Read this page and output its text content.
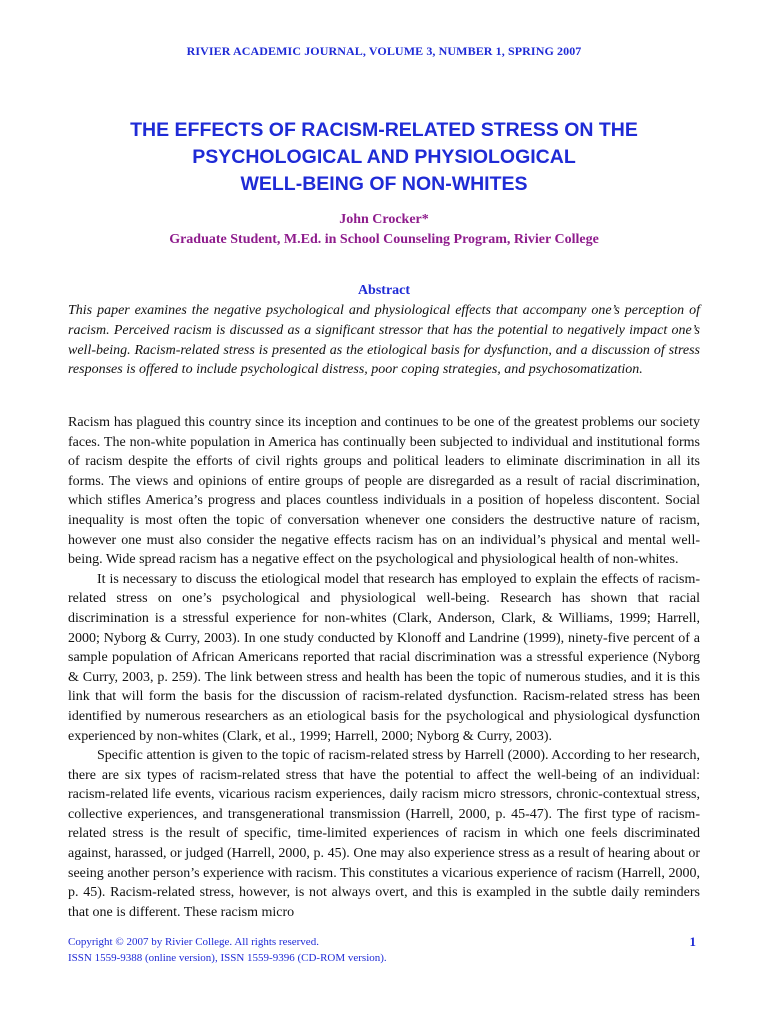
RIVIER ACADEMIC JOURNAL, VOLUME 3, NUMBER 1, SPRING 2007
THE EFFECTS OF RACISM-RELATED STRESS ON THE
PSYCHOLOGICAL AND PHYSIOLOGICAL
WELL-BEING OF NON-WHITES
John Crocker*
Graduate Student, M.Ed. in School Counseling Program, Rivier College
Abstract

This paper examines the negative psychological and physiological effects that accompany one’s perception of racism. Perceived racism is discussed as a significant stressor that has the potential to negatively impact one’s well-being. Racism-related stress is presented as the etiological basis for dysfunction, and a discussion of stress responses is offered to include psychological distress, poor coping strategies, and psychosomatization.

Racism has plagued this country since its inception and continues to be one of the greatest problems our society faces. The non-white population in America has continually been subjected to individual and institutional forms of racism despite the efforts of civil rights groups and political leaders to eliminate discrimination in all its forms. The views and opinions of entire groups of people are disregarded as a result of racial discrimination, which stifles America’s progress and places countless individuals in a position of hopeless discontent. Social inequality is most often the topic of conversation whenever one considers the destructive nature of racism, however one must also consider the negative effects racism has on an individual’s physical and mental well-being. Wide spread racism has a negative effect on the psychological and physiological health of non-whites.

It is necessary to discuss the etiological model that research has employed to explain the effects of racism-related stress on one’s psychological and physiological well-being. Research has shown that racial discrimination is a stressful experience for non-whites (Clark, Anderson, Clark, & Williams, 1999; Harrell, 2000; Nyborg & Curry, 2003). In one study conducted by Klonoff and Landrine (1999), ninety-five percent of a sample population of African Americans reported that racial discrimination was a stressful experience (Nyborg & Curry, 2003, p. 259). The link between stress and health has been the topic of numerous studies, and it is this link that will form the basis for the discussion of racism-related dysfunction. Racism-related stress has been identified by numerous researchers as an etiological basis for the psychological and physiological dysfunction experienced by non-whites (Clark, et al., 1999; Harrell, 2000; Nyborg & Curry, 2003).

Specific attention is given to the topic of racism-related stress by Harrell (2000). According to her research, there are six types of racism-related stress that have the potential to affect the well-being of an individual: racism-related life events, vicarious racism experiences, daily racism micro stressors, chronic-contextual stress, collective experiences, and transgenerational transmission (Harrell, 2000, p. 45-47). The first type of racism-related stress is the result of specific, time-limited experiences of racism in which one feels discriminated against, harassed, or judged (Harrell, 2000, p. 45). One may also experience stress as a result of hearing about or seeing another person’s experience with racism. This constitutes a vicarious experience of racism (Harrell, 2000, p. 45). Racism-related stress, however, is not always overt, and this is exampled in the subtle daily reminders that one is different. These racism micro

Copyright © 2007 by Rivier College. All rights reserved.
ISSN 1559-9388 (online version), ISSN 1559-9396 (CD-ROM version).
1
